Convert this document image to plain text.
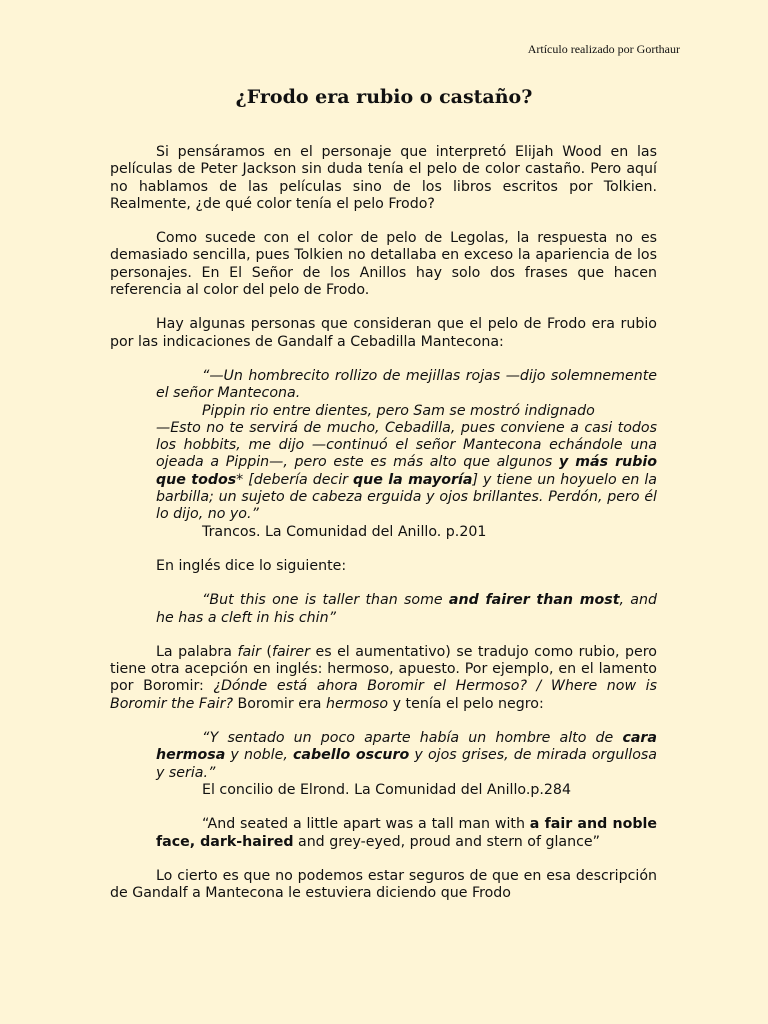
Artículo realizado por Gorthaur
¿Frodo era rubio o castaño?

Si pensáramos en el personaje que interpretó Elijah Wood en las películas de Peter Jackson sin duda tenía el pelo de color castaño. Pero aquí no hablamos de las películas sino de los libros escritos por Tolkien. Realmente, ¿de qué color tenía el pelo Frodo?

Como sucede con el color de pelo de Legolas, la respuesta no es demasiado sencilla, pues Tolkien no detallaba en exceso la apariencia de los personajes. En El Señor de los Anillos hay solo dos frases que hacen referencia al color del pelo de Frodo.

Hay algunas personas que consideran que el pelo de Frodo era rubio por las indicaciones de Gandalf a Cebadilla Mantecona:

“—Un hombrecito rollizo de mejillas rojas —dijo solemnemente el señor Mantecona.

Pippin rio entre dientes, pero Sam se mostró indignado

—Esto no te servirá de mucho, Cebadilla, pues conviene a casi todos los hobbits, me dijo —continuó el señor Mantecona echándole una ojeada a Pippin—, pero este es más alto que algunos y más rubio que todos* [debería decir que la mayoría] y tiene un hoyuelo en la barbilla; un sujeto de cabeza erguida y ojos brillantes. Perdón, pero él lo dijo, no yo.”

Trancos. La Comunidad del Anillo. p.201

En inglés dice lo siguiente:

“But this one is taller than some and fairer than most, and he has a cleft in his chin”

La palabra fair (fairer es el aumentativo) se tradujo como rubio, pero tiene otra acepción en inglés: hermoso, apuesto. Por ejemplo, en el lamento por Boromir: ¿Dónde está ahora Boromir el Hermoso? / Where now is Boromir the Fair? Boromir era hermoso y tenía el pelo negro:

“Y sentado un poco aparte había un hombre alto de cara hermosa y noble, cabello oscuro y ojos grises, de mirada orgullosa y seria.”

El concilio de Elrond. La Comunidad del Anillo.p.284

“And seated a little apart was a tall man with a fair and noble face, dark-haired and grey-eyed, proud and stern of glance”

Lo cierto es que no podemos estar seguros de que en esa descripción de Gandalf a Mantecona le estuviera diciendo que Frodo
